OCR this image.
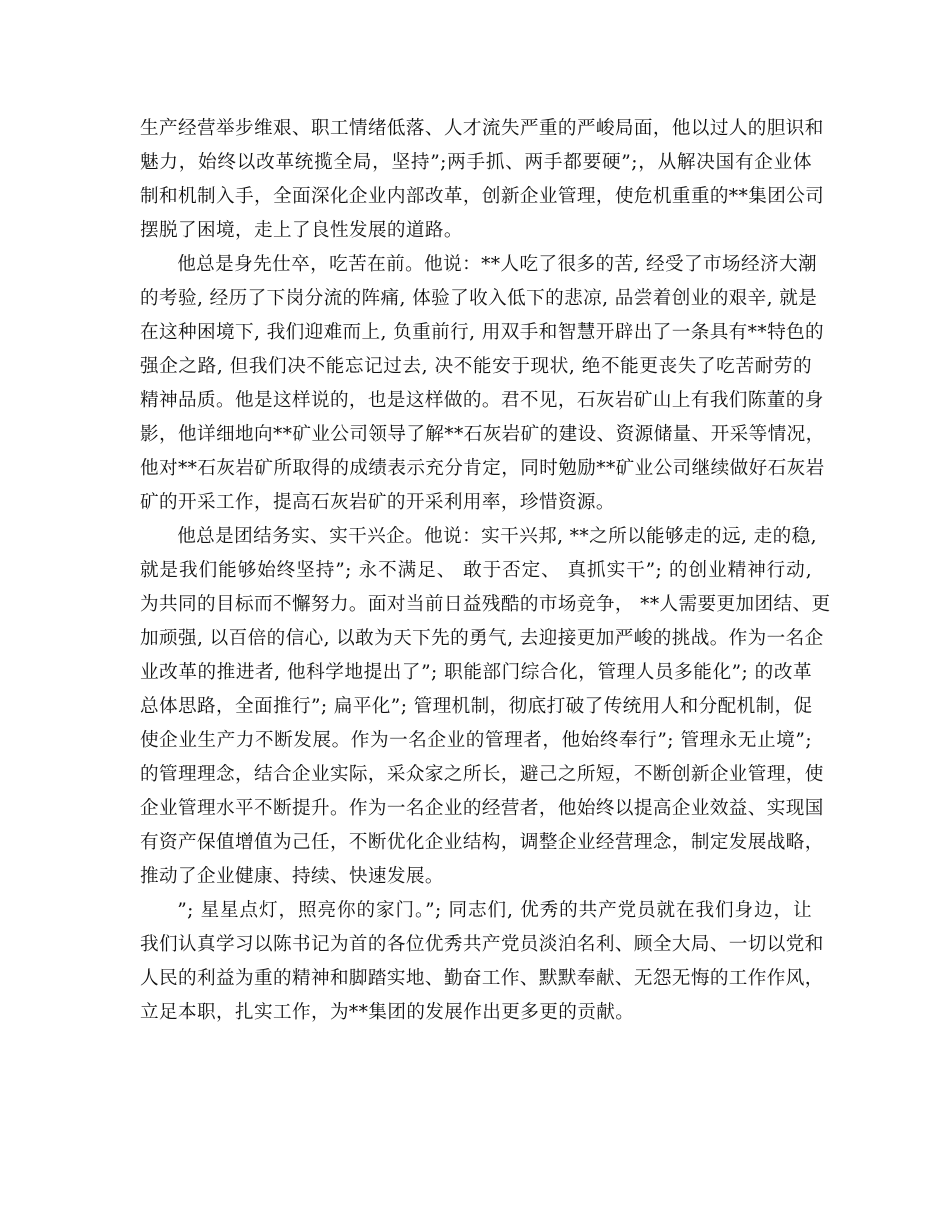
生产经营举步维艰、职工情绪低落、人才流失严重的严峻局面，他以过人的胆识和
魅力，始终以改革统揽全局，坚持”;两手抓、两手都要硬”;，从解决国有企业体
制和机制入手，全面深化企业内部改革，创新企业管理，使危机重重的**集团公司
摆脱了困境，走上了良性发展的道路。
他总是身先仕卒，吃苦在前。他说：**人吃了很多的苦, 经受了市场经济大潮
的考验, 经历了下岗分流的阵痛, 体验了收入低下的悲凉, 品尝着创业的艰辛, 就是
在这种困境下, 我们迎难而上, 负重前行, 用双手和智慧开辟出了一条具有**特色的
强企之路, 但我们决不能忘记过去, 决不能安于现状, 绝不能更丧失了吃苦耐劳的
精神品质。他是这样说的，也是这样做的。君不见，石灰岩矿山上有我们陈董的身
影，他详细地向**矿业公司领导了解**石灰岩矿的建设、资源储量、开采等情况，
他对**石灰岩矿所取得的成绩表示充分肯定，同时勉励**矿业公司继续做好石灰岩
矿的开采工作，提高石灰岩矿的开采利用率，珍惜资源。
他总是团结务实、实干兴企。他说：实干兴邦, **之所以能够走的远, 走的稳,
就是我们能够始终坚持”; 永不满足、 敢于否定、 真抓实干”; 的创业精神行动,
为共同的目标而不懈努力。面对当前日益残酷的市场竞争， **人需要更加团结、更
加顽强, 以百倍的信心, 以敢为天下先的勇气, 去迎接更加严峻的挑战。作为一名企
业改革的推进者, 他科学地提出了”; 职能部门综合化，管理人员多能化”; 的改革
总体思路，全面推行”; 扁平化”; 管理机制，彻底打破了传统用人和分配机制，促
使企业生产力不断发展。作为一名企业的管理者，他始终奉行”; 管理永无止境”;
的管理理念，结合企业实际，采众家之所长，避己之所短，不断创新企业管理，使
企业管理水平不断提升。作为一名企业的经营者，他始终以提高企业效益、实现国
有资产保值增值为己任，不断优化企业结构，调整企业经营理念，制定发展战略，
推动了企业健康、持续、快速发展。
”; 星星点灯，照亮你的家门。”; 同志们, 优秀的共产党员就在我们身边，让
我们认真学习以陈书记为首的各位优秀共产党员淡泊名利、顾全大局、一切以党和
人民的利益为重的精神和脚踏实地、勤奋工作、默默奉献、无怨无悔的工作作风，
立足本职，扎实工作，为**集团的发展作出更多更的贡献。
